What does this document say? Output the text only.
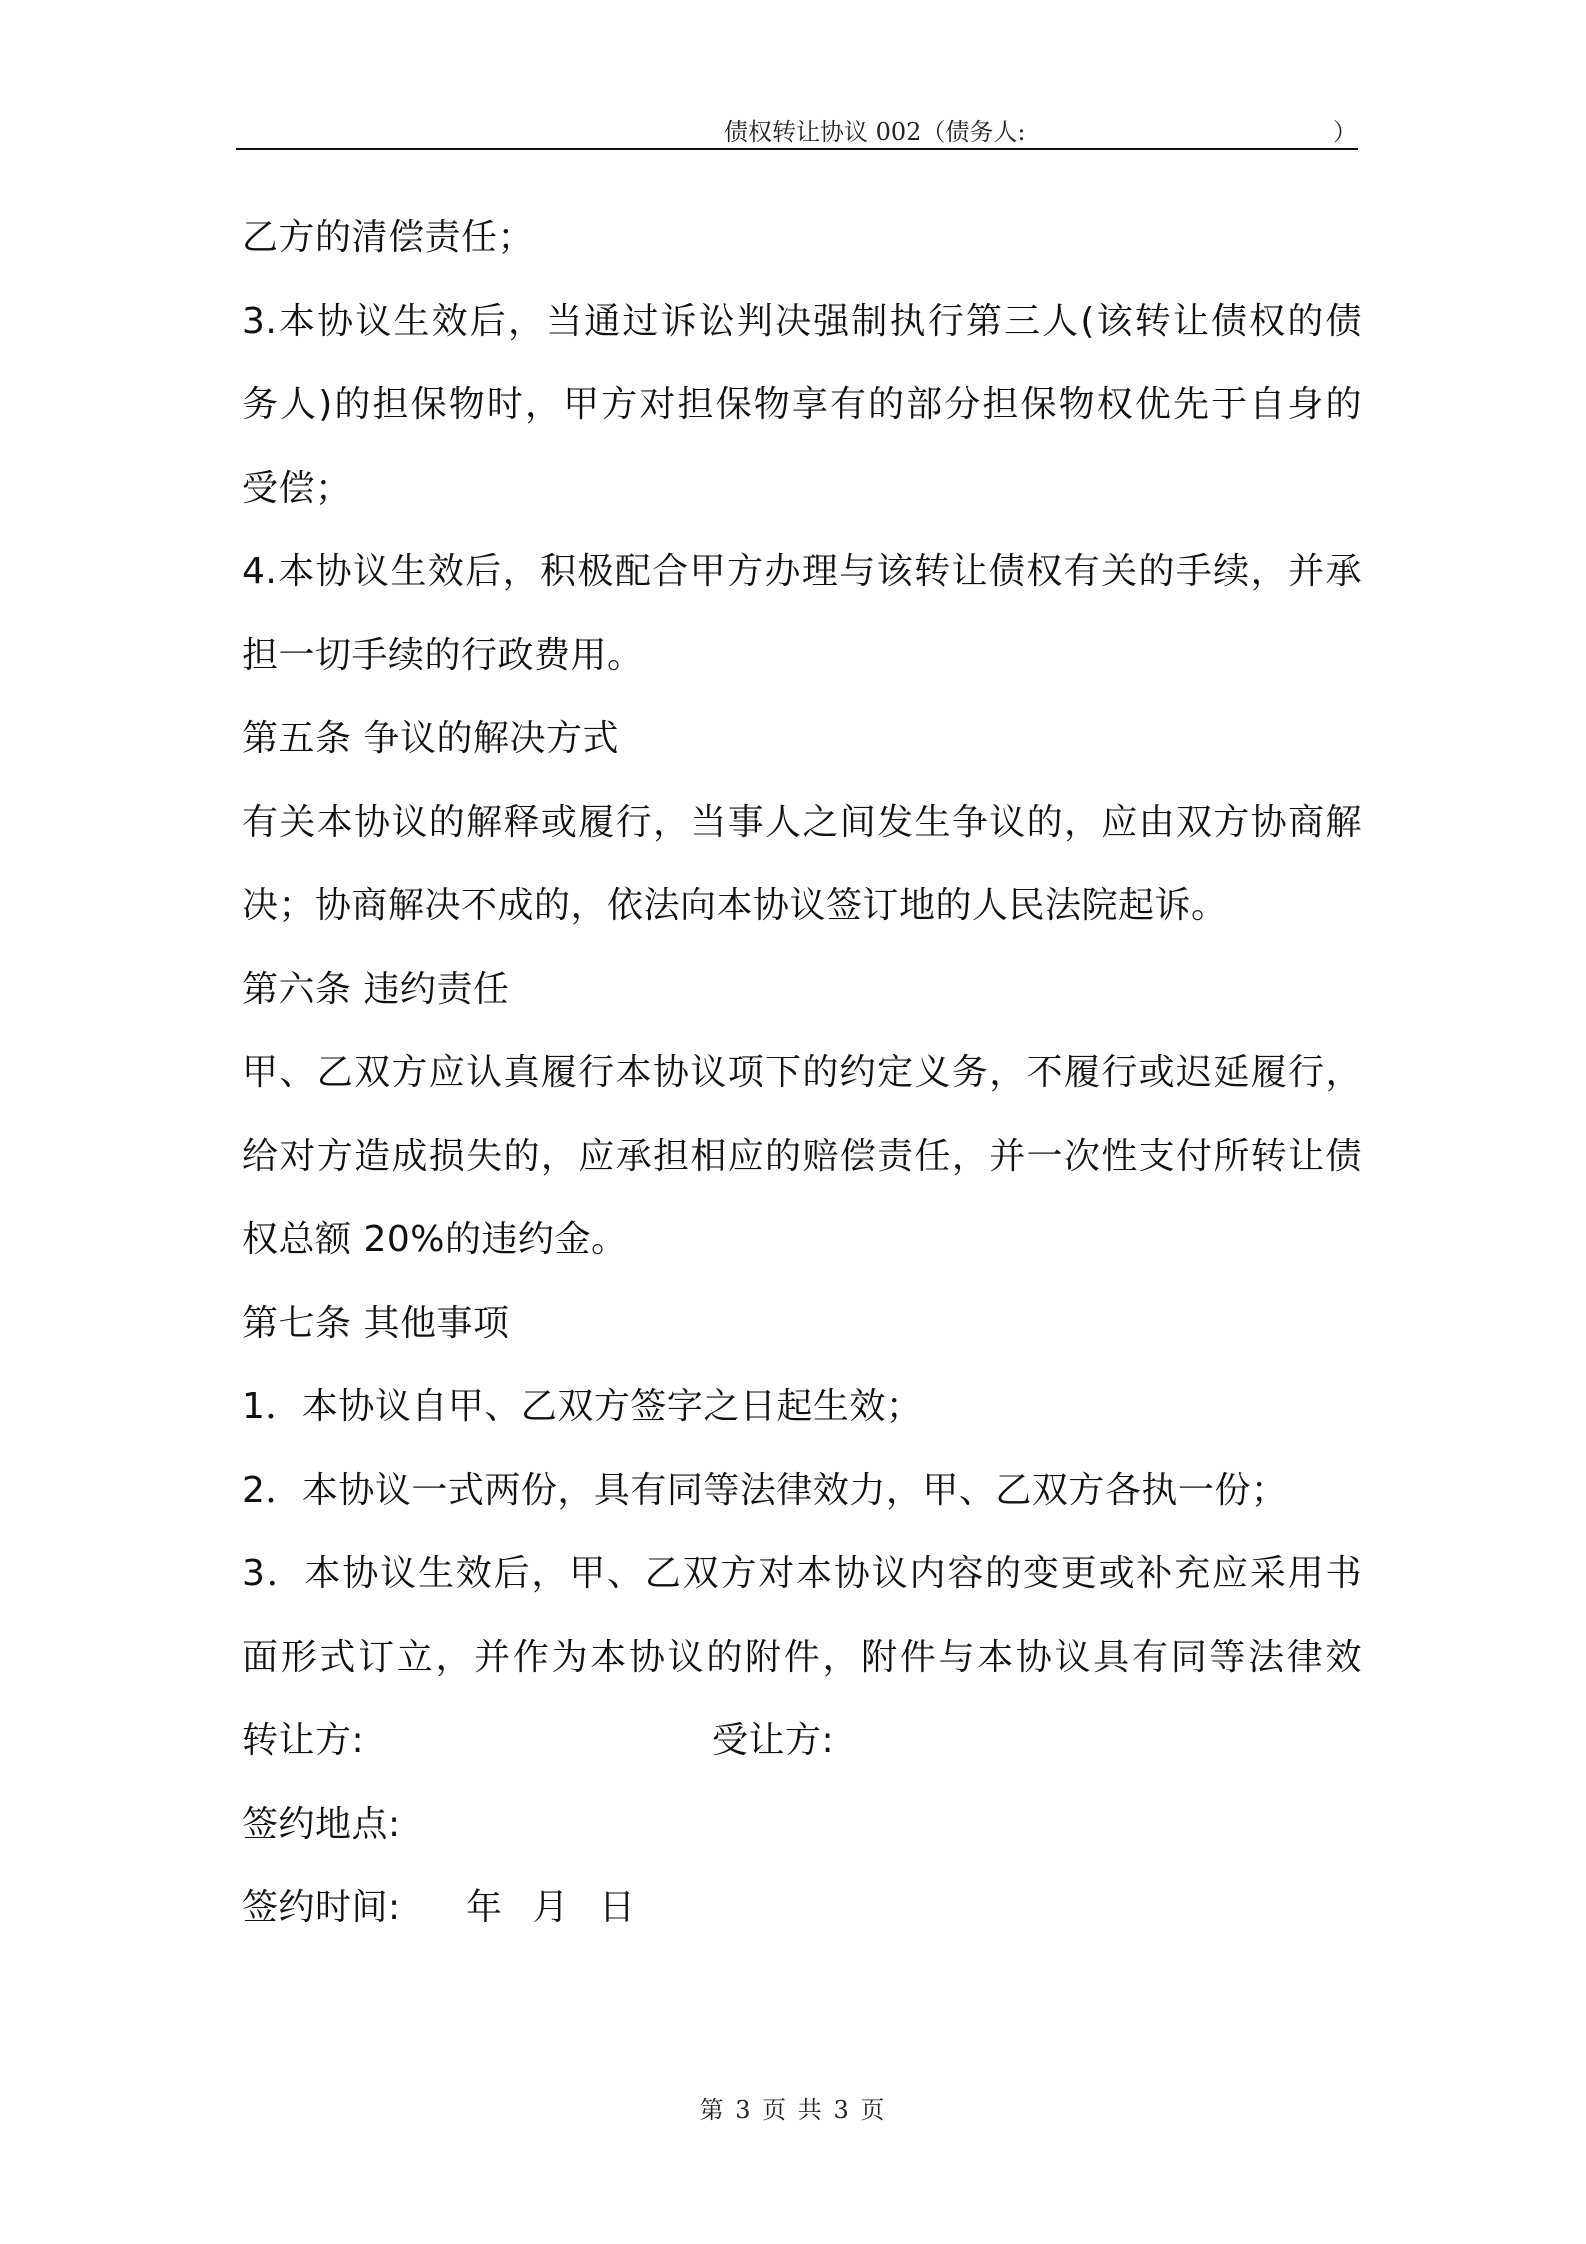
债权转让协议 002（债务人:	）
乙方的清偿责任；
3.本协议生效后，当通过诉讼判决强制执行第三人(该转让债权的债
务人)的担保物时，甲方对担保物享有的部分担保物权优先于自身的
受偿；
4.本协议生效后，积极配合甲方办理与该转让债权有关的手续，并承
担一切手续的行政费用。
第五条 争议的解决方式
有关本协议的解释或履行，当事人之间发生争议的，应由双方协商解
决；协商解决不成的，依法向本协议签订地的人民法院起诉。
第六条 违约责任
甲、乙双方应认真履行本协议项下的约定义务，不履行或迟延履行，
给对方造成损失的，应承担相应的赔偿责任，并一次性支付所转让债
权总额 20%的违约金。
第七条 其他事项
1．本协议自甲、乙双方签字之日起生效；
2．本协议一式两份，具有同等法律效力，甲、乙双方各执一份；
3．本协议生效后，甲、乙双方对本协议内容的变更或补充应采用书
面形式订立，并作为本协议的附件，附件与本协议具有同等法律效
转让方:	受让方:
签约地点:
签约时间: 年 月 日
第 3 页 共 3 页
